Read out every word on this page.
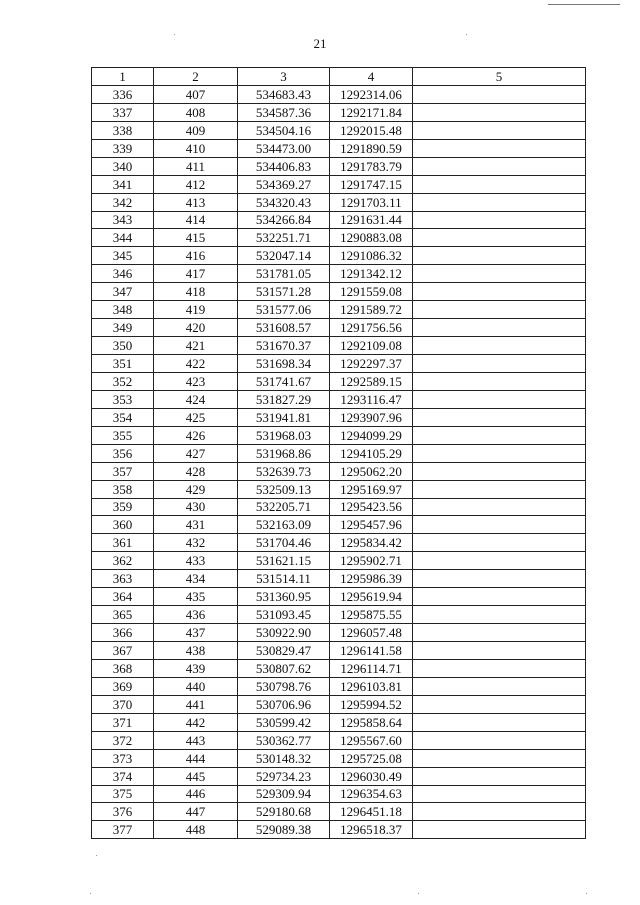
21
1	2	3	4	5
336	407	534683.43	1292314.06	
337	408	534587.36	1292171.84	
338	409	534504.16	1292015.48	
339	410	534473.00	1291890.59	
340	411	534406.83	1291783.79	
341	412	534369.27	1291747.15	
342	413	534320.43	1291703.11	
343	414	534266.84	1291631.44	
344	415	532251.71	1290883.08	
345	416	532047.14	1291086.32	
346	417	531781.05	1291342.12	
347	418	531571.28	1291559.08	
348	419	531577.06	1291589.72	
349	420	531608.57	1291756.56	
350	421	531670.37	1292109.08	
351	422	531698.34	1292297.37	
352	423	531741.67	1292589.15	
353	424	531827.29	1293116.47	
354	425	531941.81	1293907.96	
355	426	531968.03	1294099.29	
356	427	531968.86	1294105.29	
357	428	532639.73	1295062.20	
358	429	532509.13	1295169.97	
359	430	532205.71	1295423.56	
360	431	532163.09	1295457.96	
361	432	531704.46	1295834.42	
362	433	531621.15	1295902.71	
363	434	531514.11	1295986.39	
364	435	531360.95	1295619.94	
365	436	531093.45	1295875.55	
366	437	530922.90	1296057.48	
367	438	530829.47	1296141.58	
368	439	530807.62	1296114.71	
369	440	530798.76	1296103.81	
370	441	530706.96	1295994.52	
371	442	530599.42	1295858.64	
372	443	530362.77	1295567.60	
373	444	530148.32	1295725.08	
374	445	529734.23	1296030.49	
375	446	529309.94	1296354.63	
376	447	529180.68	1296451.18	
377	448	529089.38	1296518.37	
